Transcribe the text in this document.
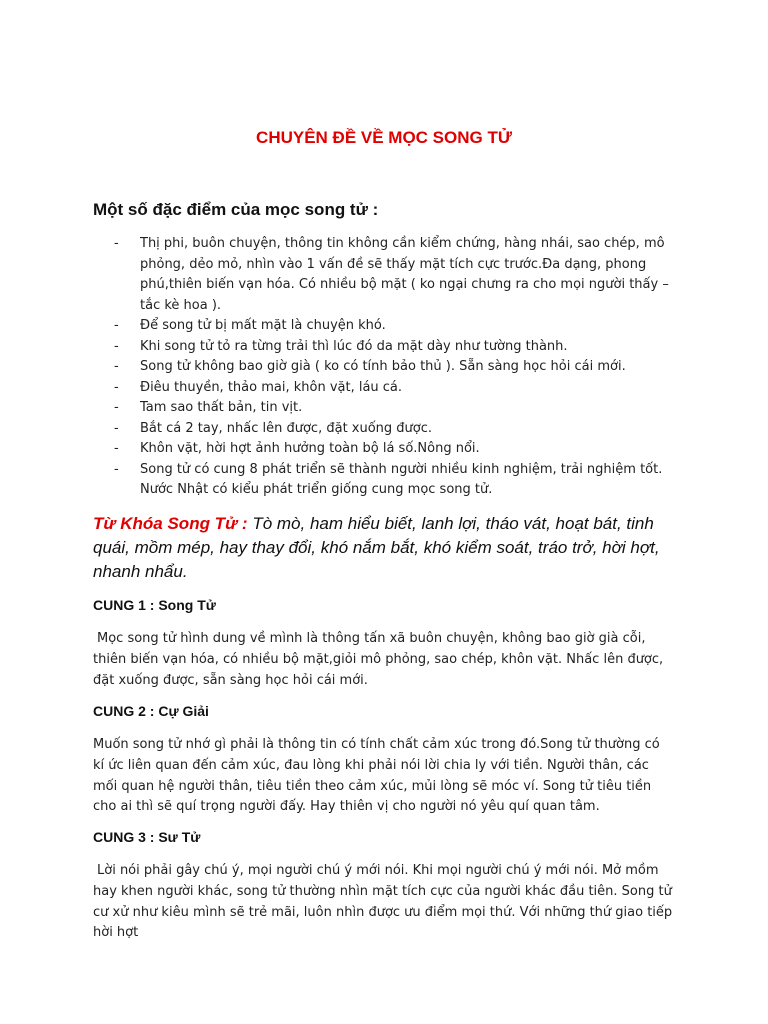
CHUYÊN ĐỀ VỀ MỌC SONG TỬ
Một số đặc điểm của mọc song tử :
- Thị phi, buôn chuyện, thông tin không cần kiểm chứng, hàng nhái, sao chép, mô phỏng, dẻo mỏ, nhìn vào 1 vấn đề sẽ thấy mặt tích cực trước.Đa dạng, phong phú,thiên biến vạn hóa. Có nhiều bộ mặt ( ko ngại chưng ra cho mọi người thấy – tắc kè hoa ).
- Để song tử bị mất mặt là chuyện khó.
- Khi song tử tỏ ra từng trải thì lúc đó da mặt dày như tường thành.
- Song tử không bao giờ già ( ko có tính bảo thủ ). Sẵn sàng học hỏi cái mới.
- Điêu thuyền, thảo mai, khôn vặt, láu cá.
- Tam sao thất bản, tin vịt.
- Bắt cá 2 tay, nhấc lên được, đặt xuống được.
- Khôn vặt, hời hợt ảnh hưởng toàn bộ lá số.Nông nổi.
- Song tử có cung 8 phát triển sẽ thành người nhiều kinh nghiệm, trải nghiệm tốt. Nước Nhật có kiểu phát triển giống cung mọc song tử.
Từ Khóa Song Tử : Tò mò, ham hiểu biết, lanh lợi, tháo vát, hoạt bát, tinh quái, mồm mép, hay thay đổi, khó nắm bắt, khó kiểm soát, tráo trở, hời hợt, nhanh nhẩu.
CUNG 1 : Song Tử
Mọc song tử hình dung về mình là thông tấn xã buôn chuyện, không bao giờ già cỗi, thiên biến vạn hóa, có nhiều bộ mặt,giỏi mô phỏng, sao chép, khôn vặt. Nhấc lên được, đặt xuống được, sẵn sàng học hỏi cái mới.
CUNG 2 : Cự Giải
Muốn song tử nhớ gì phải là thông tin có tính chất cảm xúc trong đó.Song tử thường có kí ức liên quan đến cảm xúc, đau lòng khi phải nói lời chia ly với tiền. Người thân, các mối quan hệ người thân, tiêu tiền theo cảm xúc, mủi lòng sẽ móc ví. Song tử tiêu tiền cho ai thì sẽ quí trọng người đấy. Hay thiên vị cho người nó yêu quí quan tâm.
CUNG 3 : Sư Tử
Lời nói phải gây chú ý, mọi người chú ý mới nói. Khi mọi người chú ý mới nói. Mở mồm hay khen người khác, song tử thường nhìn mặt tích cực của người khác đầu tiên. Song tử cư xử như kiêu mình sẽ trẻ mãi, luôn nhìn được ưu điểm mọi thứ. Với những thứ giao tiếp hời hợt
